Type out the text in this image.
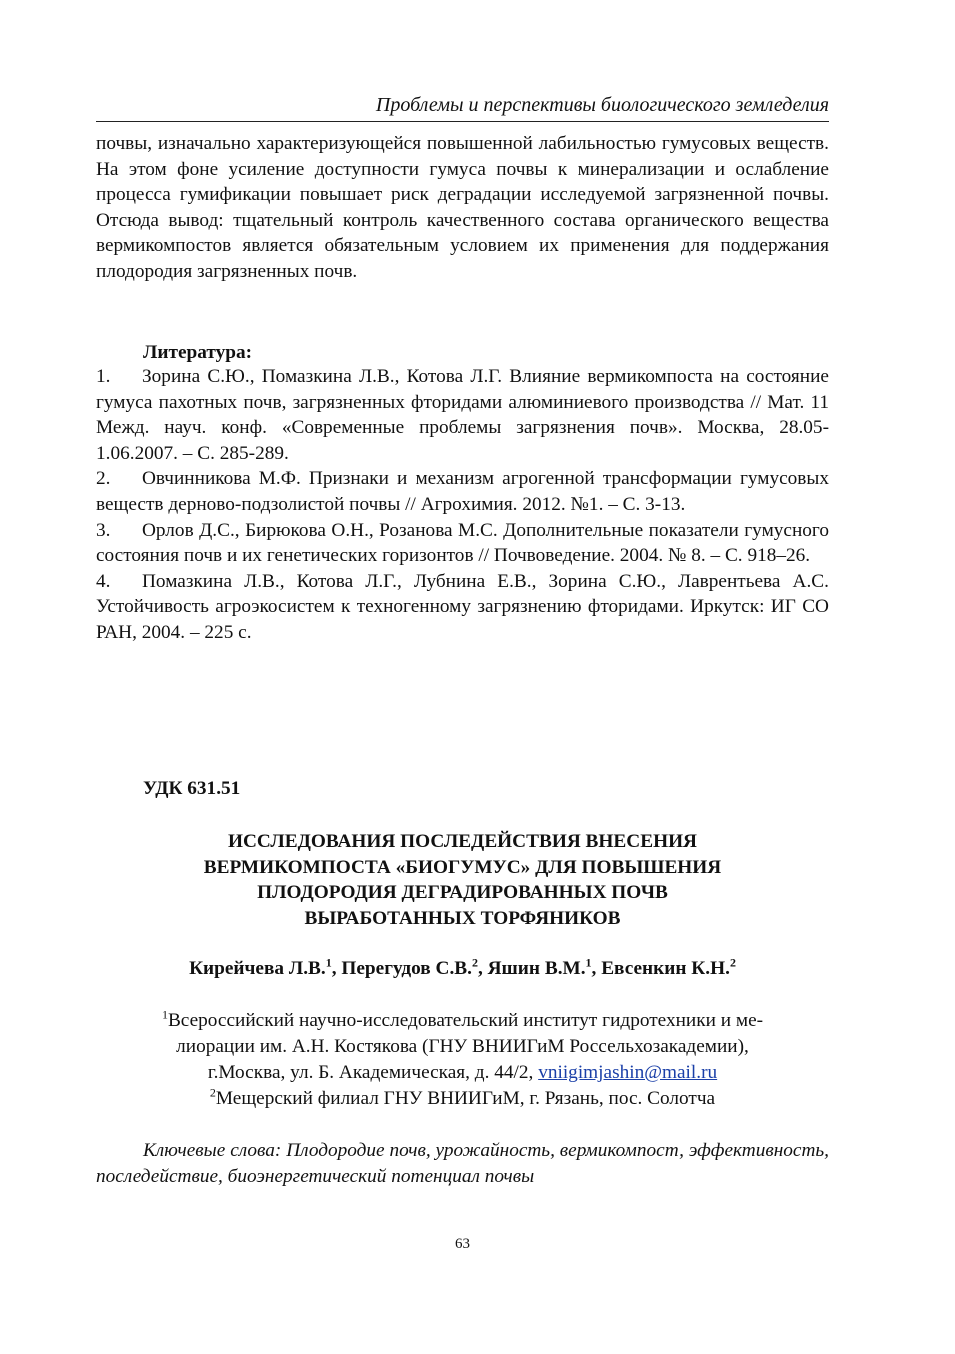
Проблемы и перспективы биологического земледелия

почвы, изначально характеризующейся повышенной лабильностью гумусовых веществ. На этом фоне усиление доступности гумуса почвы к минерализации и ослабление процесса гумификации повышает риск деградации исследуемой загрязненной почвы. Отсюда вывод: тщательный контроль качественного состава органического вещества вермикомпостов является обязательным условием их применения для поддержания плодородия загрязненных почв.

Литература:

1. Зорина С.Ю., Помазкина Л.В., Котова Л.Г. Влияние вермикомпоста на состояние гумуса пахотных почв, загрязненных фторидами алюминиевого производства // Мат. 11 Межд. науч. конф. «Современные проблемы загрязнения почв». Москва, 28.05-1.06.2007. – С. 285-289.

2. Овчинникова М.Ф. Признаки и механизм агрогенной трансформации гумусовых веществ дерново-подзолистой почвы // Агрохимия. 2012. №1. – С. 3-13.

3. Орлов Д.С., Бирюкова О.Н., Розанова М.С. Дополнительные показатели гумусного состояния почв и их генетических горизонтов // Почвоведение. 2004. № 8. – С. 918–26.

4. Помазкина Л.В., Котова Л.Г., Лубнина Е.В., Зорина С.Ю., Лаврентьева А.С. Устойчивость агроэкосистем к техногенному загрязнению фторидами. Иркутск: ИГ СО РАН, 2004. – 225 с.

УДК 631.51
ИССЛЕДОВАНИЯ ПОСЛЕДЕЙСТВИЯ ВНЕСЕНИЯ
ВЕРМИКОМПОСТА «БИОГУМУС» ДЛЯ ПОВЫШЕНИЯ
ПЛОДОРОДИЯ ДЕГРАДИРОВАННЫХ ПОЧВ
ВЫРАБОТАННЫХ ТОРФЯНИКОВ
Кирейчева Л.В.$^1$, Перегудов С.В.$^2$, Яшин В.М.$^1$, Евсенкин К.Н.$^2$
$^1$Всероссийский научно-исследовательский институт гидротехники и ме-
лиорации им. А.Н. Костякова (ГНУ ВНИИГиМ Россельхозакадемии),
г.Москва, ул. Б. Академическая, д. 44/2, vniigimjashin@mail.ru
$^2$Мещерский филиал ГНУ ВНИИГиМ, г. Рязань, пос. Солотча

Ключевые слова: Плодородие почв, урожайность, вермикомпост, эффективность, последействие, биоэнергетический потенциал почвы

63
